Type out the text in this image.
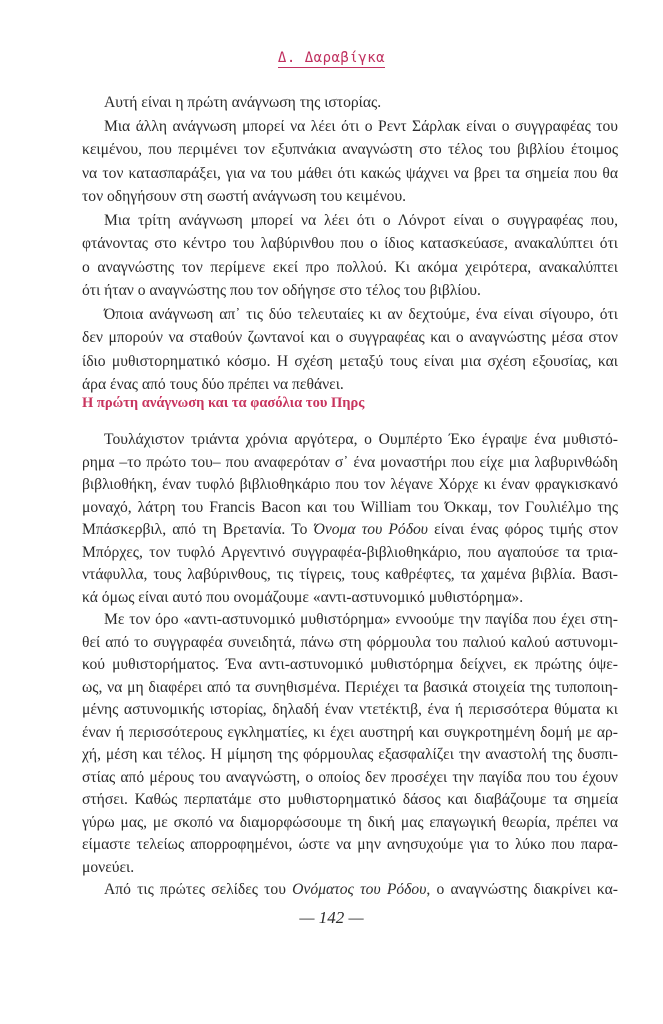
Δ. Δαραβίγκα
Αυτή είναι η πρώτη ανάγνωση της ιστορίας.
Μια άλλη ανάγνωση μπορεί να λέει ότι ο Ρεντ Σάρλακ είναι ο συγγραφέας του
κειμένου, που περιμένει τον εξυπνάκια αναγνώστη στο τέλος του βιβλίου έτοιμος
να τον κατασπαράξει, για να του μάθει ότι κακώς ψάχνει να βρει τα σημεία που θα
τον οδηγήσουν στη σωστή ανάγνωση του κειμένου.
Μια τρίτη ανάγνωση μπορεί να λέει ότι ο Λόνροτ είναι ο συγγραφέας που,
φτάνοντας στο κέντρο του λαβύρινθου που ο ίδιος κατασκεύασε, ανακαλύπτει ότι
ο αναγνώστης τον περίμενε εκεί προ πολλού. Κι ακόμα χειρότερα, ανακαλύπτει
ότι ήταν ο αναγνώστης που τον οδήγησε στο τέλος του βιβλίου.
Όποια ανάγνωση απ᾽ τις δύο τελευταίες κι αν δεχτούμε, ένα είναι σίγουρο, ότι
δεν μπορούν να σταθούν ζωντανοί και ο συγγραφέας και ο αναγνώστης μέσα στον
ίδιο μυθιστορηματικό κόσμο. Η σχέση μεταξύ τους είναι μια σχέση εξουσίας, και
άρα ένας από τους δύο πρέπει να πεθάνει.
Η πρώτη ανάγνωση και τα φασόλια του Πηρς
Τουλάχιστον τριάντα χρόνια αργότερα, ο Ουμπέρτο Έκο έγραψε ένα μυθιστό-
ρημα –το πρώτο του– που αναφερόταν σ᾽ ένα μοναστήρι που είχε μια λαβυρινθώδη
βιβλιοθήκη, έναν τυφλό βιβλιοθηκάριο που τον λέγανε Χόρχε κι έναν φραγκισκανό
μοναχό, λάτρη του Francis Bacon και του William του Όκκαμ, τον Γουλιέλμο της
Μπάσκερβιλ, από τη Βρετανία. Το Όνομα του Ρόδου είναι ένας φόρος τιμής στον
Μπόρχες, τον τυφλό Αργεντινό συγγραφέα-βιβλιοθηκάριο, που αγαπούσε τα τρια-
ντάφυλλα, τους λαβύρινθους, τις τίγρεις, τους καθρέφτες, τα χαμένα βιβλία. Βασι-
κά όμως είναι αυτό που ονομάζουμε «αντι-αστυνομικό μυθιστόρημα».
Με τον όρο «αντι-αστυνομικό μυθιστόρημα» εννοούμε την παγίδα που έχει στη-
θεί από το συγγραφέα συνειδητά, πάνω στη φόρμουλα του παλιού καλού αστυνομι-
κού μυθιστορήματος. Ένα αντι-αστυνομικό μυθιστόρημα δείχνει, εκ πρώτης όψε-
ως, να μη διαφέρει από τα συνηθισμένα. Περιέχει τα βασικά στοιχεία της τυποποιη-
μένης αστυνομικής ιστορίας, δηλαδή έναν ντετέκτιβ, ένα ή περισσότερα θύματα κι
έναν ή περισσότερους εγκληματίες, κι έχει αυστηρή και συγκροτημένη δομή με αρ-
χή, μέση και τέλος. Η μίμηση της φόρμουλας εξασφαλίζει την αναστολή της δυσπι-
στίας από μέρους του αναγνώστη, ο οποίος δεν προσέχει την παγίδα που του έχουν
στήσει. Καθώς περπατάμε στο μυθιστορηματικό δάσος και διαβάζουμε τα σημεία
γύρω μας, με σκοπό να διαμορφώσουμε τη δική μας επαγωγική θεωρία, πρέπει να
είμαστε τελείως απορροφημένοι, ώστε να μην ανησυχούμε για το λύκο που παρα-
μονεύει.
Από τις πρώτες σελίδες του Ονόματος του Ρόδου, ο αναγνώστης διακρίνει κα-
— 142 —
